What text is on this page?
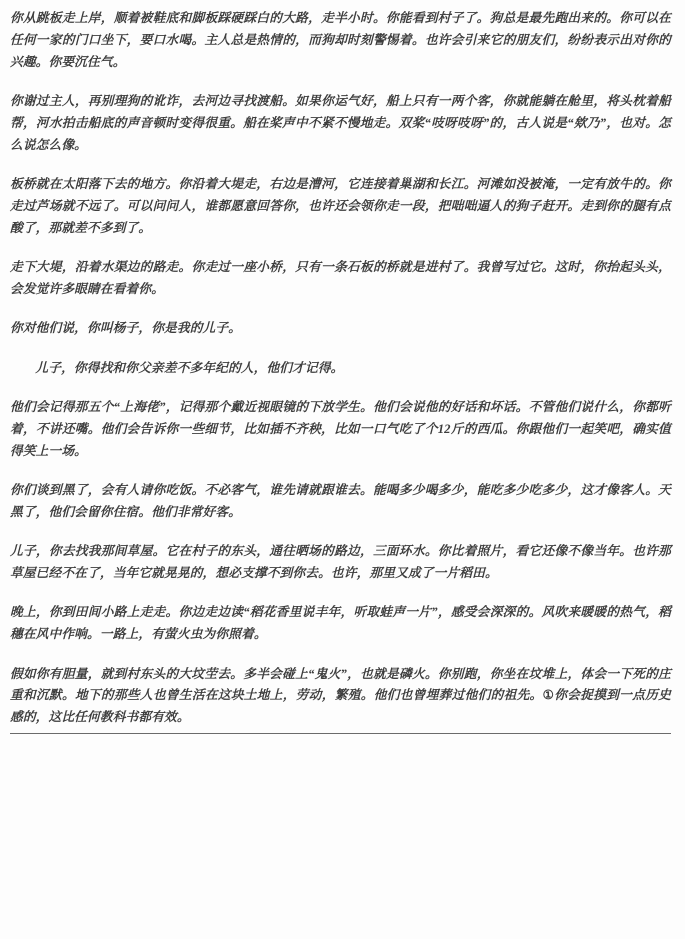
你从跳板走上岸，顺着被鞋底和脚板踩硬踩白的大路，走半小时。你能看到村子了。狗总是最先跑出来的。你可以在任何一家的门口坐下，要口水喝。主人总是热情的，而狗却时刻警惕着。也许会引来它的朋友们，纷纷表示出对你的兴趣。你要沉住气。

你谢过主人，再别理狗的讹诈，去河边寻找渡船。如果你运气好，船上只有一两个客，你就能躺在舱里，将头枕着船帮，河水拍击船底的声音顿时变得很重。船在桨声中不紧不慢地走。双桨“吱呀吱呀”的，古人说是“欸乃”，也对。怎么说怎么像。

板桥就在太阳落下去的地方。你沿着大堤走，右边是漕河，它连接着巢湖和长江。河滩如没被淹，一定有放牛的。你走过芦场就不远了。可以问问人，谁都愿意回答你，也许还会领你走一段，把咄咄逼人的狗子赶开。走到你的腿有点酸了，那就差不多到了。

走下大堤，沿着水渠边的路走。你走过一座小桥，只有一条石板的桥就是进村了。我曾写过它。这时，你抬起头头，会发觉许多眼睛在看着你。

你对他们说，你叫杨子，你是我的儿子。

儿子，你得找和你父亲差不多年纪的人，他们才记得。

他们会记得那五个“上海佬”，记得那个戴近视眼镜的下放学生。他们会说他的好话和坏话。不管他们说什么，你都听着，不讲还嘴。他们会告诉你一些细节，比如插不齐秧，比如一口气吃了个12斤的西瓜。你跟他们一起笑吧，确实值得笑上一场。

你们谈到黑了，会有人请你吃饭。不必客气，谁先请就跟谁去。能喝多少喝多少，能吃多少吃多少，这才像客人。天黑了，他们会留你住宿。他们非常好客。

儿子，你去找我那间草屋。它在村子的东头，通往晒场的路边，三面环水。你比着照片，看它还像不像当年。也许那草屋已经不在了，当年它就晃晃的，想必支撑不到你去。也许，那里又成了一片稻田。

晚上，你到田间小路上走走。你边走边读“稻花香里说丰年，听取蛙声一片”，感受会深深的。风吹来暖暖的热气，稻穗在风中作响。一路上，有萤火虫为你照着。

假如你有胆量，就到村东头的大坟茔去。多半会碰上“鬼火”，也就是磷火。你别跑，你坐在坟堆上，体会一下死的庄重和沉默。地下的那些人也曾生活在这块土地上，劳动，繁殖。他们也曾埋葬过他们的祖先。①你会捉摸到一点历史感的，这比任何教科书都有效。
